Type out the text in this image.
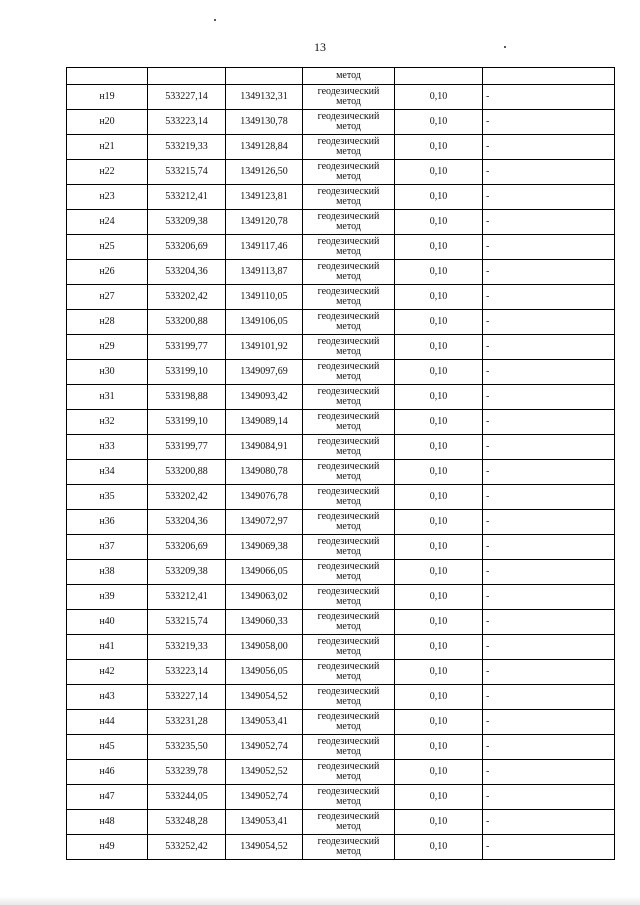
13
			метод		
н19	533227,14	1349132,31	геодезический
метод	0,10	-
н20	533223,14	1349130,78	геодезический
метод	0,10	-
н21	533219,33	1349128,84	геодезический
метод	0,10	-
н22	533215,74	1349126,50	геодезический
метод	0,10	-
н23	533212,41	1349123,81	геодезический
метод	0,10	-
н24	533209,38	1349120,78	геодезический
метод	0,10	-
н25	533206,69	1349117,46	геодезический
метод	0,10	-
н26	533204,36	1349113,87	геодезический
метод	0,10	-
н27	533202,42	1349110,05	геодезический
метод	0,10	-
н28	533200,88	1349106,05	геодезический
метод	0,10	-
н29	533199,77	1349101,92	геодезический
метод	0,10	-
н30	533199,10	1349097,69	геодезический
метод	0,10	-
н31	533198,88	1349093,42	геодезический
метод	0,10	-
н32	533199,10	1349089,14	геодезический
метод	0,10	-
н33	533199,77	1349084,91	геодезический
метод	0,10	-
н34	533200,88	1349080,78	геодезический
метод	0,10	-
н35	533202,42	1349076,78	геодезический
метод	0,10	-
н36	533204,36	1349072,97	геодезический
метод	0,10	-
н37	533206,69	1349069,38	геодезический
метод	0,10	-
н38	533209,38	1349066,05	геодезический
метод	0,10	-
н39	533212,41	1349063,02	геодезический
метод	0,10	-
н40	533215,74	1349060,33	геодезический
метод	0,10	-
н41	533219,33	1349058,00	геодезический
метод	0,10	-
н42	533223,14	1349056,05	геодезический
метод	0,10	-
н43	533227,14	1349054,52	геодезический
метод	0,10	-
н44	533231,28	1349053,41	геодезический
метод	0,10	-
н45	533235,50	1349052,74	геодезический
метод	0,10	-
н46	533239,78	1349052,52	геодезический
метод	0,10	-
н47	533244,05	1349052,74	геодезический
метод	0,10	-
н48	533248,28	1349053,41	геодезический
метод	0,10	-
н49	533252,42	1349054,52	геодезический
метод	0,10	-
